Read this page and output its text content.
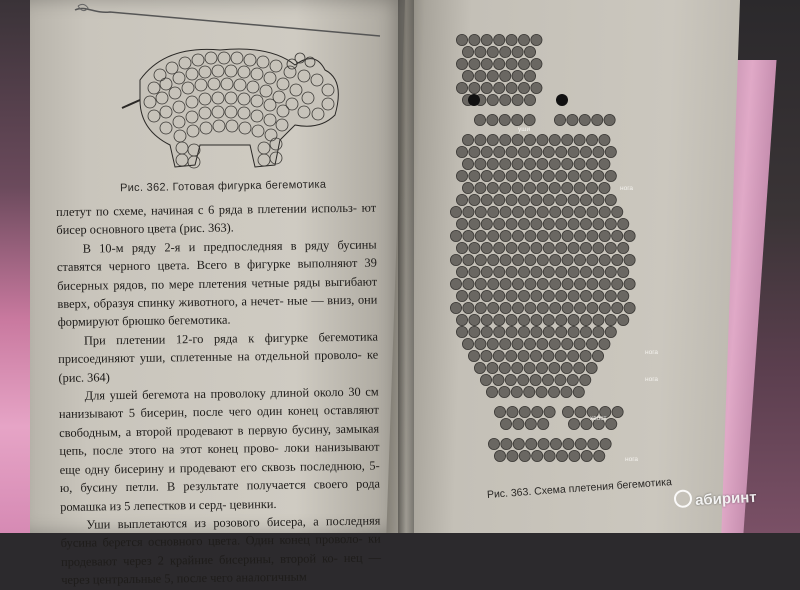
Рис. 362. Готовая фигурка бегемотика

плетут по схеме, начиная с 6 ряда в плетении использ- ют бисер основного цвета (рис. 363).

В 10-м ряду 2-я и предпоследняя в ряду бусины ставятся черного цвета. Всего в фигурке выполняют 39 бисерных рядов, по мере плетения четные ряды выгибают вверх, образуя спинку животного, а нечет- ные — вниз, они формируют брюшко бегемотика.

При плетении 12-го ряда к фигурке бегемотика присоединяют уши, сплетенные на отдельной проволо- ке (рис. 364)

Для ушей бегемота на проволоку длиной около 30 см нанизывают 5 бисерин, после чего один конец оставляют свободным, а второй продевают в первую бусину, замыкая цепь, после этого на этот конец прово- локи нанизывают еще одну бисерину и продевают его сквозь последнюю, 5-ю, бусину петли. В результате получается своего рода ромашка из 5 лепестков и серд- цевинки.

Уши выплетаются из розового бисера, а последняя бусина берется основного цвета. Один конец проволо- ки продевают через 2 крайние бисерины, второй ко- нец — через центральные 5, после чего аналогичным

уши
нога
нога
нога
хвост
нога
Рис. 363. Схема плетения бегемотика	абиринт
